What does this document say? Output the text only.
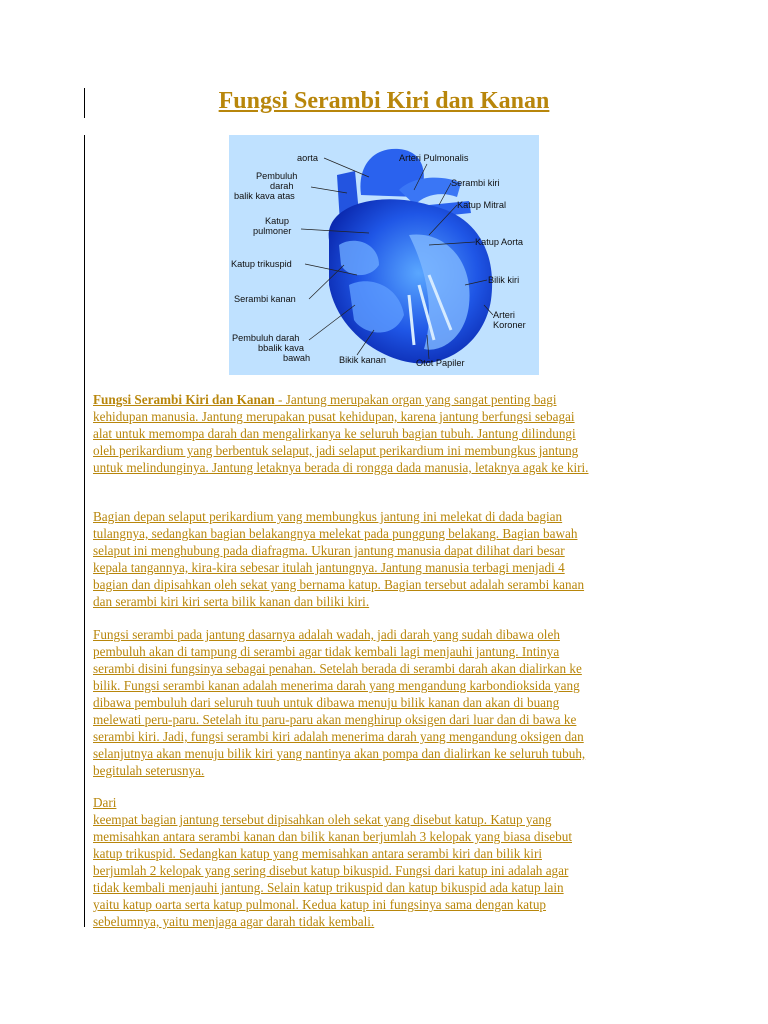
Fungsi Serambi Kiri dan Kanan
aorta
Pembuluh
darah
balik kava atas
Katup
pulmoner
Katup trikuspid
Serambi kanan
Pembuluh darah
bbalik kava
bawah
Arteri Pulmonalis
Serambi kiri
Katup Mitral
Katup Aorta
Bilik kiri
Arteri
Koroner
Bikik kanan	Otot Papiler

Fungsi Serambi Kiri dan Kanan - Jantung merupakan organ yang sangat penting bagi

kehidupan manusia. Jantung merupakan pusat kehidupan, karena jantung berfungsi sebagai

alat untuk memompa darah dan mengalirkanya ke seluruh bagian tubuh. Jantung dilindungi

oleh perikardium yang berbentuk selaput, jadi selaput perikardium ini membungkus jantung

untuk melindunginya. Jantung letaknya berada di rongga dada manusia, letaknya agak ke kiri.

Bagian depan selaput perikardium yang membungkus jantung ini melekat di dada bagian

tulangnya, sedangkan bagian belakangnya melekat pada punggung belakang. Bagian bawah

selaput ini menghubung pada diafragma. Ukuran jantung manusia dapat dilihat dari besar

kepala tangannya, kira-kira sebesar itulah jantungnya. Jantung manusia terbagi menjadi 4

bagian dan dipisahkan oleh sekat yang bernama katup. Bagian tersebut adalah serambi kanan

dan serambi kiri kiri serta bilik kanan dan biliki kiri.

Fungsi serambi pada jantung dasarnya adalah wadah, jadi darah yang sudah dibawa oleh

pembuluh akan di tampung di serambi agar tidak kembali lagi menjauhi jantung. Intinya

serambi disini fungsinya sebagai penahan. Setelah berada di serambi darah akan dialirkan ke

bilik. Fungsi serambi kanan adalah menerima darah yang mengandung karbondioksida yang

dibawa pembuluh dari seluruh tuuh untuk dibawa menuju bilik kanan dan akan di buang

melewati peru-paru. Setelah itu paru-paru akan menghirup oksigen dari luar dan di bawa ke

serambi kiri. Jadi, fungsi serambi kiri adalah menerima darah yang mengandung oksigen dan

selanjutnya akan menuju bilik kiri yang nantinya akan pompa dan dialirkan ke seluruh tubuh,

begitulah seterusnya.

Dari

keempat bagian jantung tersebut dipisahkan oleh sekat yang disebut katup. Katup yang

memisahkan antara serambi kanan dan bilik kanan berjumlah 3 kelopak yang biasa disebut

katup trikuspid. Sedangkan katup yang memisahkan antara serambi kiri dan bilik kiri

berjumlah 2 kelopak yang sering disebut katup bikuspid. Fungsi dari katup ini adalah agar

tidak kembali menjauhi jantung. Selain katup trikuspid dan katup bikuspid ada katup lain

yaitu katup oarta serta katup pulmonal. Kedua katup ini fungsinya sama dengan katup

sebelumnya, yaitu menjaga agar darah tidak kembali.
